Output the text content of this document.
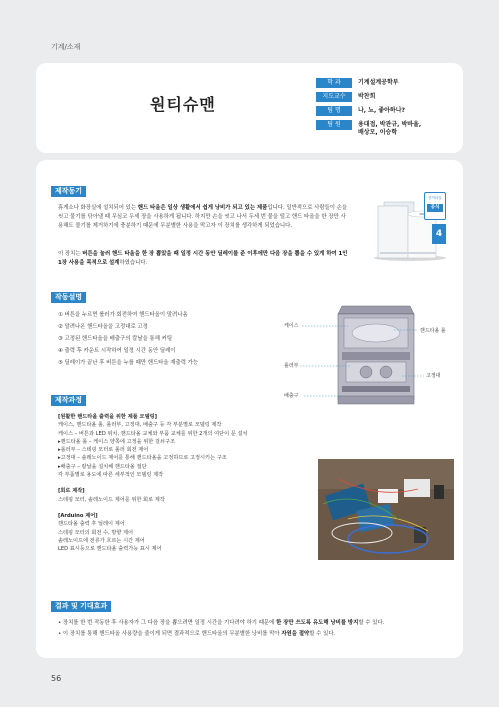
기계/소재
원티슈맨
학 과	기계설계공학부
지도교수	박찬희
팀 명	나, 뇨, 좋아하나?
팀 원	용대접, 박관규, 박바울, 배상모, 이승학
제작동기
휴게소나 화장실에 설치되어 있는 핸드 타올은 일상 생활에서 쉽게 낭비가 되고 있는 제품입니다. 일반적으로 사람들이 손을 씻고 물기를 닦아낼 때 무심코 두세 장을 사용하게 됩니다. 하지만 손을 씻고 나서 두세 번 물을 털고 핸드 타올을 한 장만 사용해도 물기를 제거하기에 충분하기 때문에 무분별한 사용을 막고자 이 장치를 생각하게 되었습니다.
이 장치는 버튼을 눌러 핸드 타올을 한 장 뽑았을 때 일정 시간 동안 딜레이를 준 이후에만 다음 장을 뽑을 수 있게 하여 1인 1장 사용을 목적으로 설계하였습니다.
종이타올
공식
4
작동설명
① 버튼을 누르면 롤러가 회전하여 핸드타올이 말려나옴
② 말려나온 핸드타올을 고정대로 고정
③ 고정된 핸드타올을 배출구의 칼날을 통해 커팅
④ 출력 후 카운트 시작하여 일정 시간 동안 딜레이
⑤ 딜레이가 끝난 후 버튼을 누를 때만 핸드타올 재출력 가능
케이스
핸드타올 롤
롤러부
고정대
배출구
제작과정
[원활한 핸드타올 출력을 위한 제품 모델링]
케이스, 핸드타올 롤, 롤러부, 고정대, 배출구 등 각 부분별로 모델링 제작
케이스 – 버튼과 LED 위치, 핸드타올 교체와 부품 교체를 위한 2개의 여닫이 문 설치
▸핸드타올 롤 – 케이스 양쪽에 고정을 위한 걸쇠구조
▸롤러부 – 스테핑 모터로 롤러 회전 제어
▸고정대 – 솔레노이드 제어를 통해 핸드타올을 고정하므로 고정시키는 구조
▸배출구 – 칼날을 설치해 핸드타올 절단
각 부품별로 용도에 따른 세부적인 모델링 제작
[회로 제작]
스테핑 모터, 솔레노이드 제어를 위한 회로 제작
[Arduino 제어]
핸드타올 출력 후 딜레이 제어
스테핑 모터의 회전 수, 방향 제어
솔레노이드에 전류가 흐르는 시간 제어
LED 표시등으로 핸드타올 출력가능 표시 제어
결과 및 기대효과
• 장치를 한 번 작동한 후 사용자가 그 다음 장을 뽑으려면 일정 시간을 기다려야 하기 때문에 한 장만 쓰도록 유도해 낭비를 방지할 수 있다.
• 이 장치를 통해 핸드타올 사용량을 줄이게 되면 결과적으로 핸드타올의 무분별한 낭비를 막아 자원을 절약할 수 있다.
56
